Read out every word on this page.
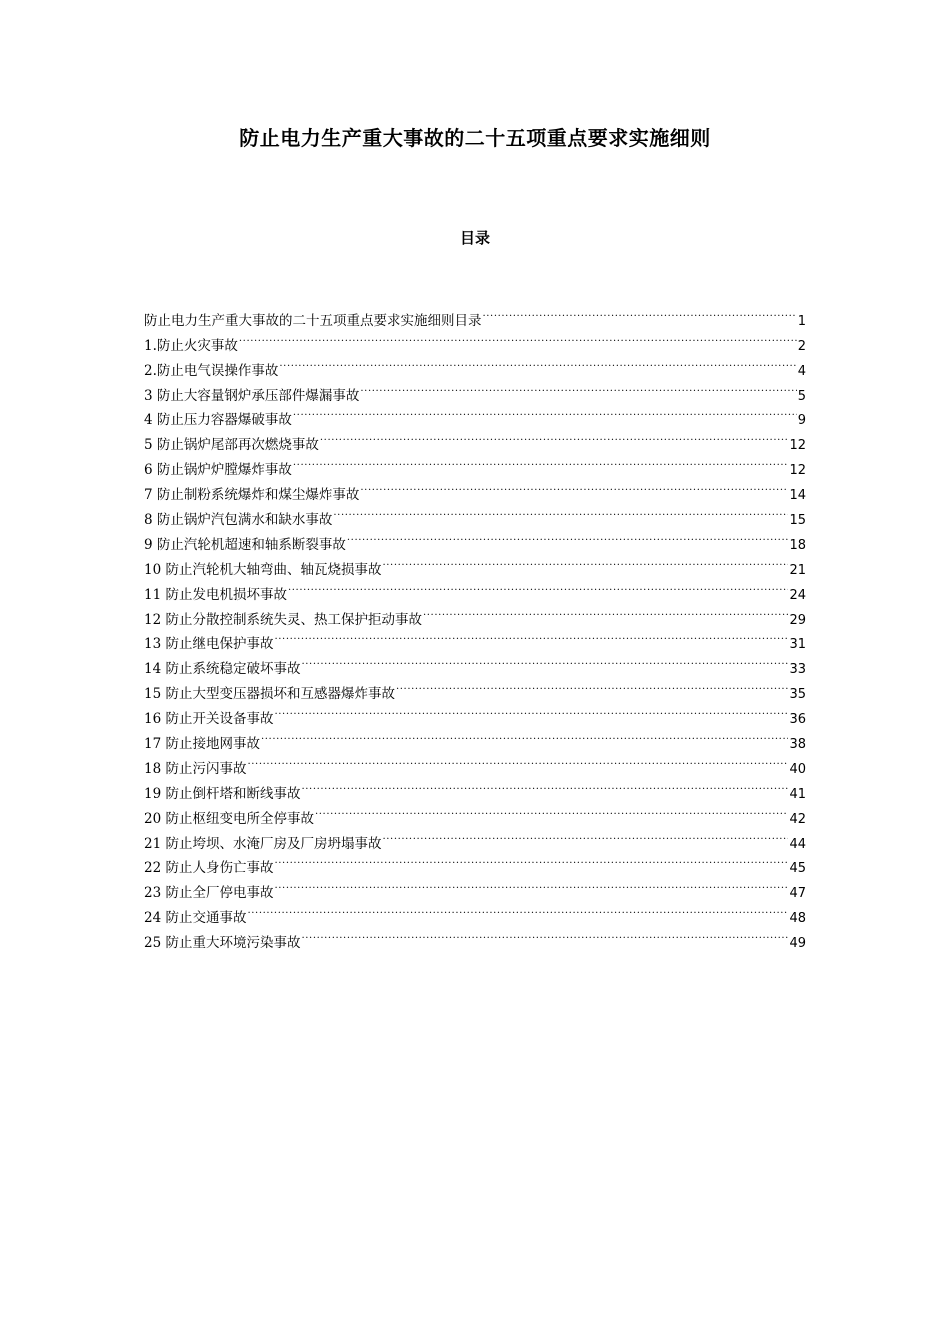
防止电力生产重大事故的二十五项重点要求实施细则
目录
防止电力生产重大事故的二十五项重点要求实施细则目录 .....	1
1.防止火灾事故 .....	2
2.防止电气误操作事故 .....	4
3 防止大容量钢炉承压部件爆漏事故 .....	5
4 防止压力容器爆破事故 .....	9
5 防止锅炉尾部再次燃烧事故 .....	12
6 防止锅炉炉膛爆炸事故 .....	12
7 防止制粉系统爆炸和煤尘爆炸事故 .....	14
8 防止锅炉汽包满水和缺水事故 .....	15
9 防止汽轮机超速和轴系断裂事故 .....	18
10 防止汽轮机大轴弯曲、轴瓦烧损事故 .....	21
11 防止发电机损坏事故 .....	24
12 防止分散控制系统失灵、热工保护拒动事故 .....	29
13 防止继电保护事故 .....	31
14 防止系统稳定破坏事故 .....	33
15 防止大型变压器损坏和互感器爆炸事故 .....	35
16 防止开关设备事故 .....	36
17 防止接地网事故 .....	38
18 防止污闪事故 .....	40
19 防止倒杆塔和断线事故 .....	41
20 防止枢纽变电所全停事故 .....	42
21 防止垮坝、水淹厂房及厂房坍塌事故 .....	44
22 防止人身伤亡事故 .....	45
23 防止全厂停电事故 .....	47
24 防止交通事故 .....	48
25 防止重大环境污染事故 .....	49
